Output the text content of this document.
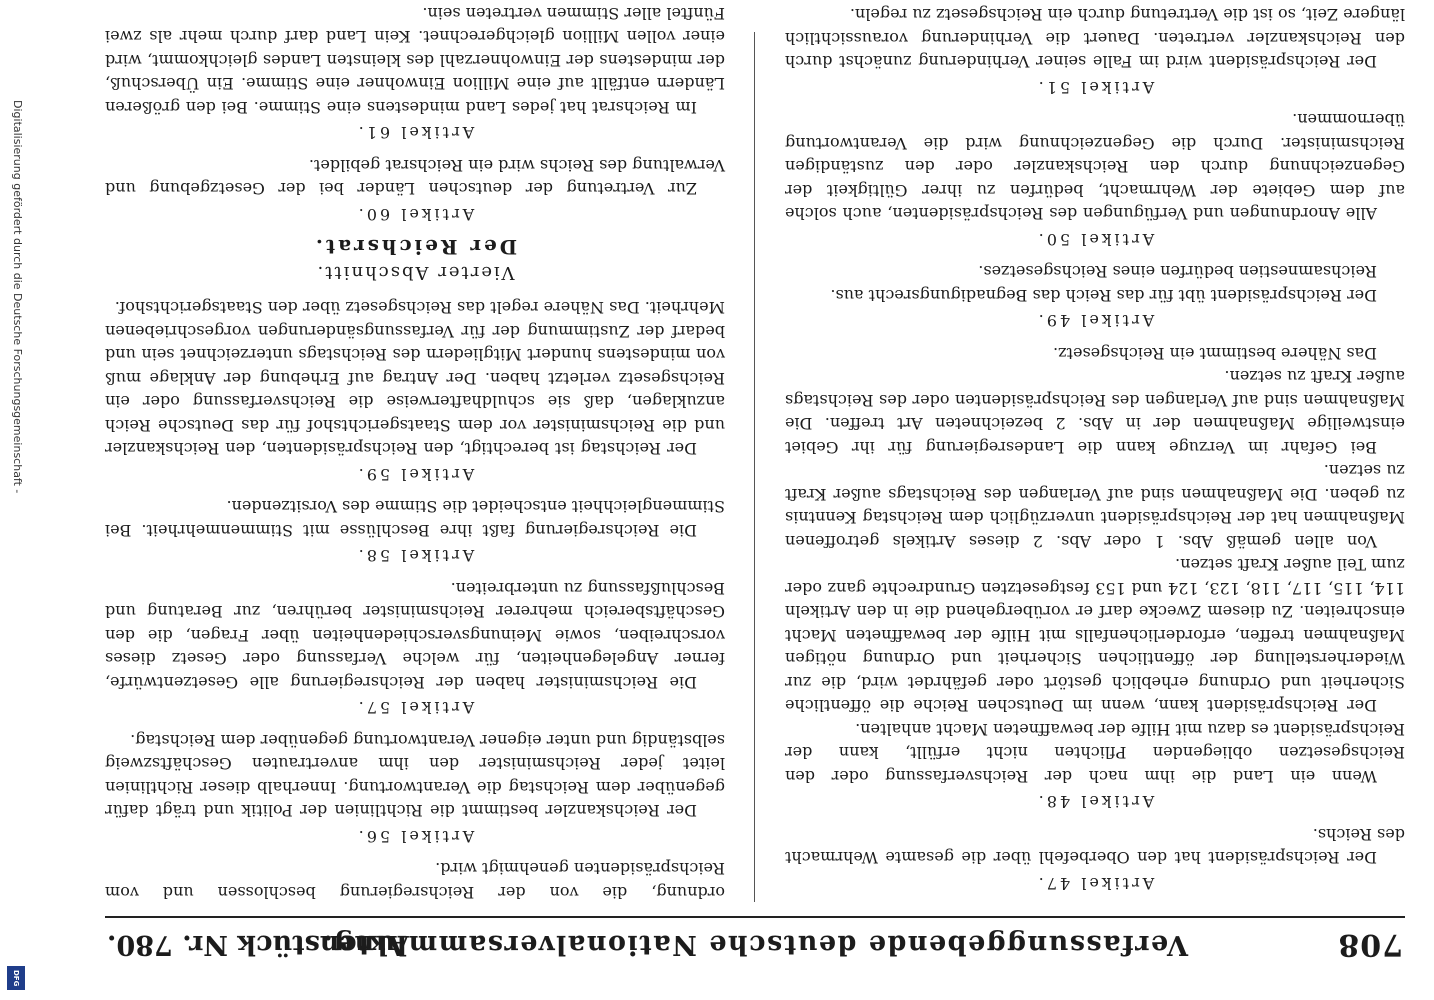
708
Verfassunggebende deutsche Nationalversammlung.
Aktenstück Nr. 780.
Artikel 47.

Der Reichspräsident hat den Oberbefehl über die gesamte Wehrmacht des Reichs.

Artikel 48.

Wenn ein Land die ihm nach der Reichsverfassung oder den Reichsgesetzen obliegenden Pflichten nicht erfüllt, kann der Reichspräsident es dazu mit Hilfe der bewaffneten Macht anhalten.

Der Reichspräsident kann, wenn im Deutschen Reiche die öffentliche Sicherheit und Ordnung erheblich gestört oder gefährdet wird, die zur Wiederherstellung der öffentlichen Sicherheit und Ordnung nötigen Maßnahmen treffen, erforderlichenfalls mit Hilfe der bewaffneten Macht einschreiten. Zu diesem Zwecke darf er vorübergehend die in den Artikeln 114, 115, 117, 118, 123, 124 und 153 festgesetzten Grundrechte ganz oder zum Teil außer Kraft setzen.

Von allen gemäß Abs. 1 oder Abs. 2 dieses Artikels getroffenen Maßnahmen hat der Reichspräsident unverzüglich dem Reichstag Kenntnis zu geben. Die Maßnahmen sind auf Verlangen des Reichstags außer Kraft zu setzen.

Bei Gefahr im Verzuge kann die Landesregierung für ihr Gebiet einstweilige Maßnahmen der in Abs. 2 bezeichneten Art treffen. Die Maßnahmen sind auf Verlangen des Reichspräsidenten oder des Reichstags außer Kraft zu setzen.

Das Nähere bestimmt ein Reichsgesetz.

Artikel 49.

Der Reichspräsident übt für das Reich das Begnadigungsrecht aus.

Reichsamnestien bedürfen eines Reichsgesetzes.

Artikel 50.

Alle Anordnungen und Verfügungen des Reichspräsidenten, auch solche auf dem Gebiete der Wehrmacht, bedürfen zu ihrer Gültigkeit der Gegenzeichnung durch den Reichskanzler oder den zuständigen Reichsminister. Durch die Gegenzeichnung wird die Verantwortung übernommen.

Artikel 51.

Der Reichspräsident wird im Falle seiner Verhinderung zunächst durch den Reichskanzler vertreten. Dauert die Verhinderung voraussichtlich längere Zeit, so ist die Vertretung durch ein Reichsgesetz zu regeln.

ordnung, die von der Reichsregierung beschlossen und vom Reichspräsidenten genehmigt wird.

Artikel 56.

Der Reichskanzler bestimmt die Richtlinien der Politik und trägt dafür gegenüber dem Reichstag die Verantwortung. Innerhalb dieser Richtlinien leitet jeder Reichsminister den ihm anvertrauten Geschäftszweig selbständig und unter eigener Verantwortung gegenüber dem Reichstag.

Artikel 57.

Die Reichsminister haben der Reichsregierung alle Gesetzentwürfe, ferner Angelegenheiten, für welche Verfassung oder Gesetz dieses vorschreiben, sowie Meinungsverschiedenheiten über Fragen, die den Geschäftsbereich mehrerer Reichsminister berühren, zur Beratung und Beschlußfassung zu unterbreiten.

Artikel 58.

Die Reichsregierung faßt ihre Beschlüsse mit Stimmenmehrheit. Bei Stimmengleichheit entscheidet die Stimme des Vorsitzenden.

Artikel 59.

Der Reichstag ist berechtigt, den Reichspräsidenten, den Reichskanzler und die Reichsminister vor dem Staatsgerichtshof für das Deutsche Reich anzuklagen, daß sie schuldhafterweise die Reichsverfassung oder ein Reichsgesetz verletzt haben. Der Antrag auf Erhebung der Anklage muß von mindestens hundert Mitgliedern des Reichstags unterzeichnet sein und bedarf der Zustimmung der für Verfassungsänderungen vorgeschriebenen Mehrheit. Das Nähere regelt das Reichsgesetz über den Staatsgerichtshof.

Vierter Abschnitt.
Der Reichsrat.
Artikel 60.

Zur Vertretung der deutschen Länder bei der Gesetzgebung und Verwaltung des Reichs wird ein Reichsrat gebildet.

Artikel 61.

Im Reichsrat hat jedes Land mindestens eine Stimme. Bei den größeren Ländern entfällt auf eine Million Einwohner eine Stimme. Ein Überschuß, der mindestens der Einwohnerzahl des kleinsten Landes gleichkommt, wird einer vollen Million gleichgerechnet. Kein Land darf durch mehr als zwei Fünftel aller Stimmen vertreten sein.

Digitalisierung gefördert durch die Deutsche Forschungsgemeinschaft -
DFG
